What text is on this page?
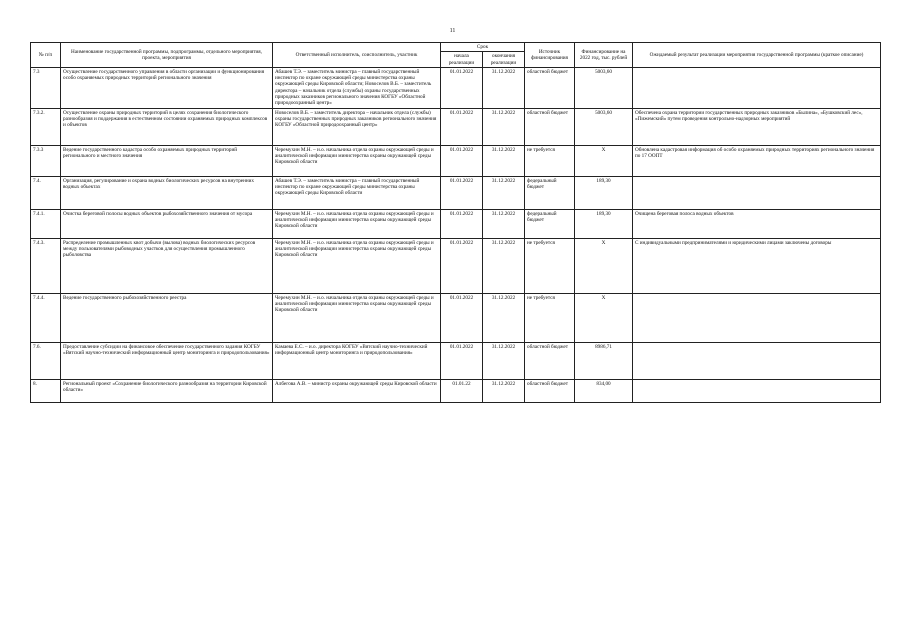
11
№ п/п	Наименование государственной программы, подпрограммы, отдельного мероприятия, проекта, мероприятия	Ответственный исполнитель, соисполнитель, участник	Срок		Источник финансирования	Финансирование на 2022 год, тыс. рублей	Ожидаемый результат реализации мероприятия государственной программы (краткое описание)
			начала реализации	окончания реализации			
7.3	Осуществление государственного управления в области организации и функционирования особо охраняемых природных территорий регионального значения	Абашев Т.Э. – заместитель министра – главный государственный инспектор по охране окружающей среды министерства охраны окружающей среды Кировской области; Новоселов В.Б. – заместитель директора – начальник отдела (службы) охраны государственных природных заказников регионального значения КОГБУ «Областной природоохранный центр»	01.01.2022	31.12.2022	областной бюджет	5003,60	
7.3.2.	Осуществление охраны природных территорий в целях сохранения биологического разнообразия и поддержания в естественном состоянии охраняемых природных комплексов и объектов	Новоселов В.Б. – заместитель директора – начальник отдела (службы) охраны государственных природных заказников регионального значения КОГБУ «Областной природоохранный центр»	01.01.2022	31.12.2022	областной бюджет	5003,60	Обеспечена охрана территории государственных природных заказников «Былина», «Бушковский лес», «Пижемский» путем проведения контрольно-надзорных мероприятий
7.3.3	Ведение государственного кадастра особо охраняемых природных территорий регионального и местного значения	Черемухин М.Н. – и.о. начальника отдела охраны окружающей среды и аналитической информации министерства охраны окружающей среды Кировской области	01.01.2022	31.12.2022	не требуется	Х	Обновлена кадастровая информация об особо охраняемых природных территориях регионального значения по 17 ООПТ
7.4.	Организация, регулирование и охрана водных биологических ресурсов на внутренних водных объектах	Абашев Т.Э. – заместитель министра – главный государственный инспектор по охране окружающей среды министерства охраны окружающей среды Кировской области	01.01.2022	31.12.2022	федеральный бюджет	189,30	
7.4.1.	Очистка береговой полосы водных объектов рыбохозяйственного значения от мусора	Черемухин М.Н. – и.о. начальника отдела охраны окружающей среды и аналитической информации министерства охраны окружающей среды Кировской области	01.01.2022	31.12.2022	федеральный бюджет	189,30	Очищена береговая полоса водных объектов
7.4.3.	Распределение промышленных квот добычи (вылова) водных биологических ресурсов между пользователями рыбоводных участков для осуществления промышленного рыболовства	Черемухин М.Н. – и.о. начальника отдела охраны окружающей среды и аналитической информации министерства охраны окружающей среды Кировской области	01.01.2022	31.12.2022	не требуется	Х	С индивидуальными предпринимателями и юридическими лицами заключены договоры
7.4.4.	Ведение государственного рыбохозяйственного реестра	Черемухин М.Н. – и.о. начальника отдела охраны окружающей среды и аналитической информации министерства охраны окружающей среды Кировской области	01.01.2022	31.12.2022	не требуется	Х	
7.6.	Предоставление субсидии на финансовое обеспечение государственного задания КОГБУ «Вятский научно-технический информационный центр мониторинга и природопользования»	Камаева Е.С. – и.о. директора КОГБУ «Вятский научно-технический информационный центр мониторинга и природопользования»	01.01.2022	31.12.2022	областной бюджет	8986,71	
8.	Региональный проект «Сохранение биологического разнообразия на территории Кировской области»	Албегова А.В. – министр охраны окружающей среды Кировской области	01.01.22	31.12.2022	областной бюджет	834,00	
